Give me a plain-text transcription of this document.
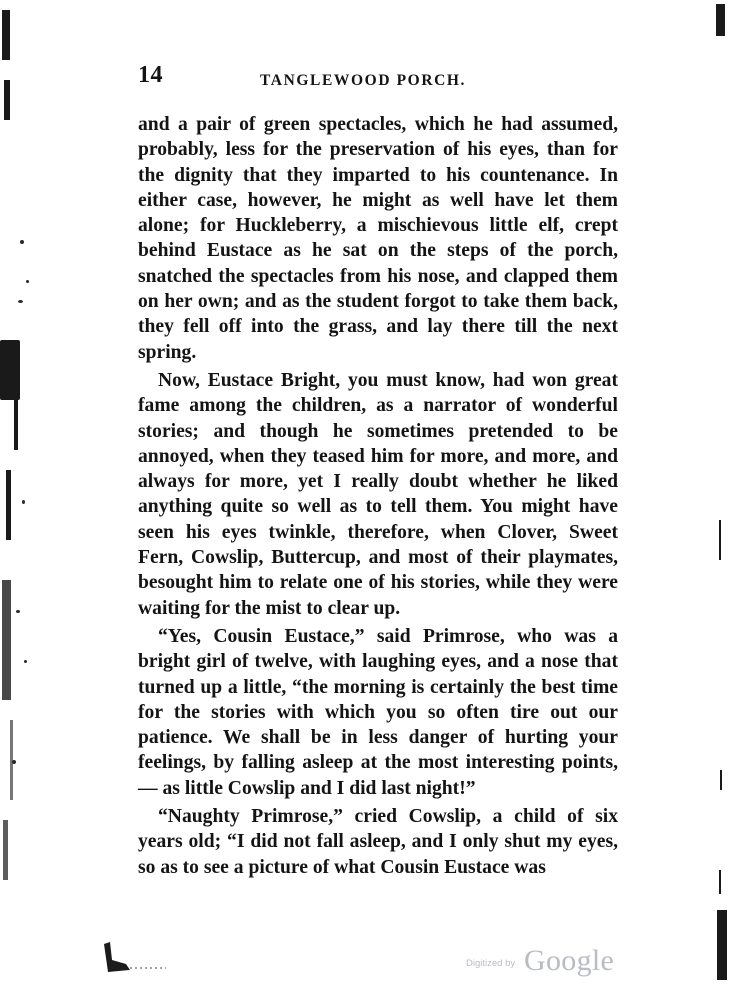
14	TANGLEWOOD PORCH.

and a pair of green spectacles, which he had assumed, probably, less for the preservation of his eyes, than for the dignity that they imparted to his countenance. In either case, however, he might as well have let them alone; for Huckleberry, a mischievous little elf, crept behind Eustace as he sat on the steps of the porch, snatched the spectacles from his nose, and clapped them on her own; and as the student forgot to take them back, they fell off into the grass, and lay there till the next spring.

Now, Eustace Bright, you must know, had won great fame among the children, as a narrator of wonderful stories; and though he sometimes pretended to be annoyed, when they teased him for more, and more, and always for more, yet I really doubt whether he liked anything quite so well as to tell them. You might have seen his eyes twinkle, therefore, when Clover, Sweet Fern, Cowslip, Buttercup, and most of their playmates, besought him to relate one of his stories, while they were waiting for the mist to clear up.

“Yes, Cousin Eustace,” said Primrose, who was a bright girl of twelve, with laughing eyes, and a nose that turned up a little, “the morning is certainly the best time for the stories with which you so often tire out our patience. We shall be in less danger of hurting your feelings, by falling asleep at the most interesting points, — as little Cowslip and I did last night!”

“Naughty Primrose,” cried Cowslip, a child of six years old; “I did not fall asleep, and I only shut my eyes, so as to see a picture of what Cousin Eustace was

Digitized by Google
